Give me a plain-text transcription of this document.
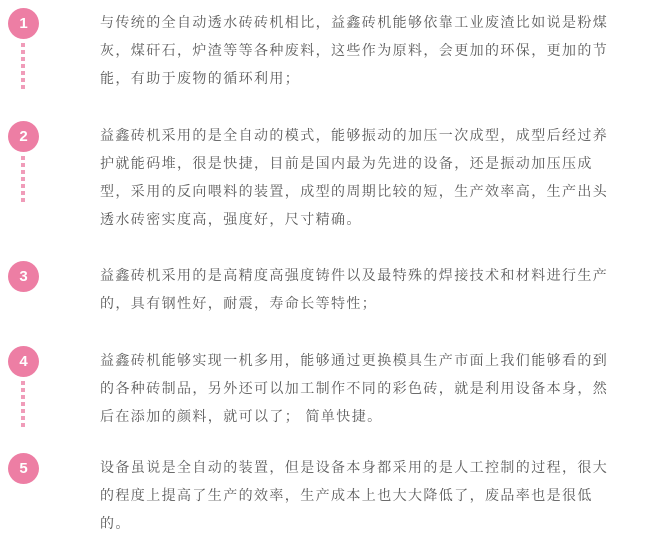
1	与传统的全自动透水砖砖机相比，益鑫砖机能够依靠工业废渣比如说是粉煤
灰，煤矸石，炉渣等等各种废料，这些作为原料，会更加的环保，更加的节
能，有助于废物的循环利用；
2	益鑫砖机采用的是全自动的模式，能够振动的加压一次成型，成型后经过养
护就能码堆，很是快捷，目前是国内最为先进的设备，还是振动加压压成
型，采用的反向喂料的装置，成型的周期比较的短，生产效率高，生产出头
透水砖密实度高，强度好，尺寸精确。
3	益鑫砖机采用的是高精度高强度铸件以及最特殊的焊接技术和材料进行生产
的，具有钢性好，耐震，寿命长等特性；
4	益鑫砖机能够实现一机多用，能够通过更换模具生产市面上我们能够看的到
的各种砖制品，另外还可以加工制作不同的彩色砖，就是利用设备本身，然
后在添加的颜料，就可以了； 简单快捷。
5	设备虽说是全自动的装置，但是设备本身都采用的是人工控制的过程，很大
的程度上提高了生产的效率，生产成本上也大大降低了，废品率也是很低
的。
